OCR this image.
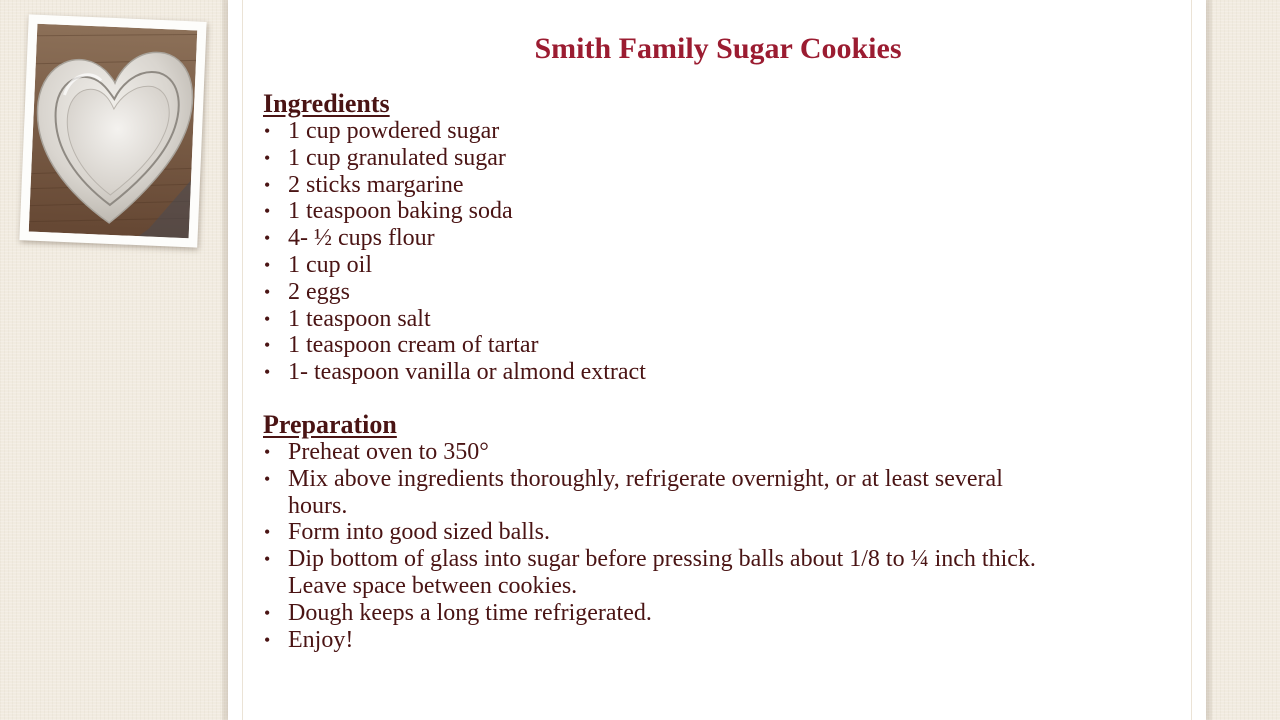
Smith Family Sugar Cookies
Ingredients
• 1 cup powdered sugar
• 1 cup granulated sugar
• 2 sticks margarine
• 1 teaspoon baking soda
• 4- ½ cups flour
• 1 cup oil
• 2 eggs
• 1 teaspoon salt
• 1 teaspoon cream of tartar
• 1- teaspoon vanilla or almond extract
Preparation
• Preheat oven to 350°
• Mix above ingredients thoroughly, refrigerate overnight, or at least several hours.
• Form into good sized balls.
• Dip bottom of glass into sugar before pressing balls about 1/8 to ¼ inch thick. Leave space between cookies.
• Dough keeps a long time refrigerated.
• Enjoy!
